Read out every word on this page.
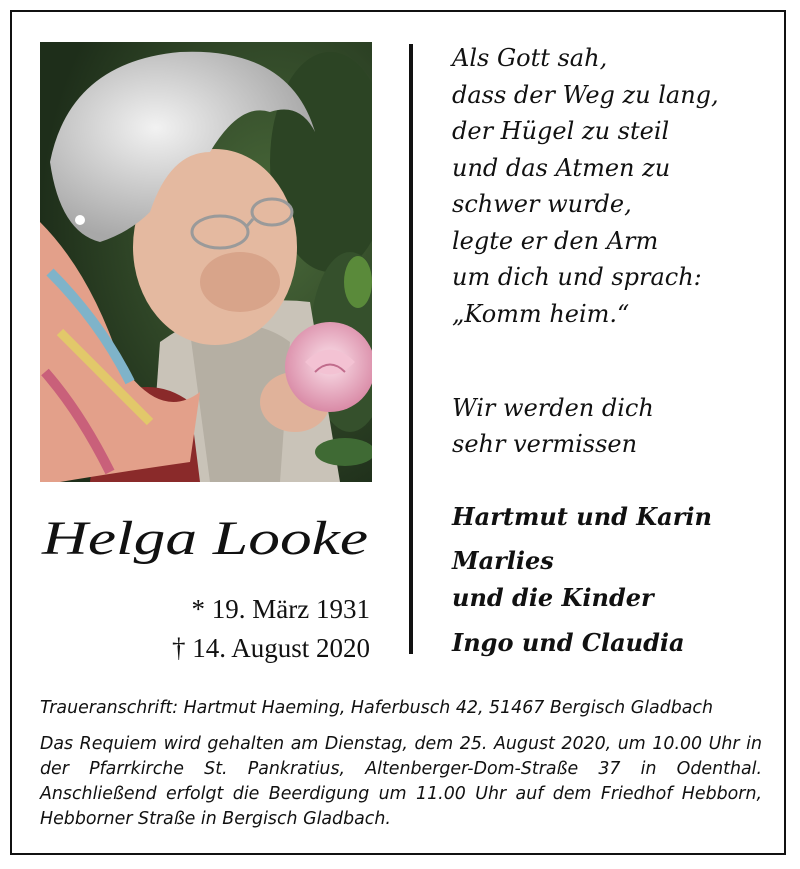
Helga Looke
* 19. März 1931
† 14. August 2020
Als Gott sah,
dass der Weg zu lang,
der Hügel zu steil
und das Atmen zu
schwer wurde,
legte er den Arm
um dich und sprach:
„Komm heim.“
Wir werden dich
sehr vermissen
Hartmut und Karin
Marlies
und die Kinder
Ingo und Claudia
Traueranschrift: Hartmut Haeming, Haferbusch 42, 51467 Bergisch Gladbach
Das Requiem wird gehalten am Dienstag, dem 25. August 2020, um 10.00 Uhr in der Pfarrkirche St. Pankratius, Altenberger-Dom-Straße 37 in Odenthal. Anschließend erfolgt die Beerdigung um 11.00 Uhr auf dem Friedhof Hebborn, Hebborner Straße in Bergisch Gladbach.
